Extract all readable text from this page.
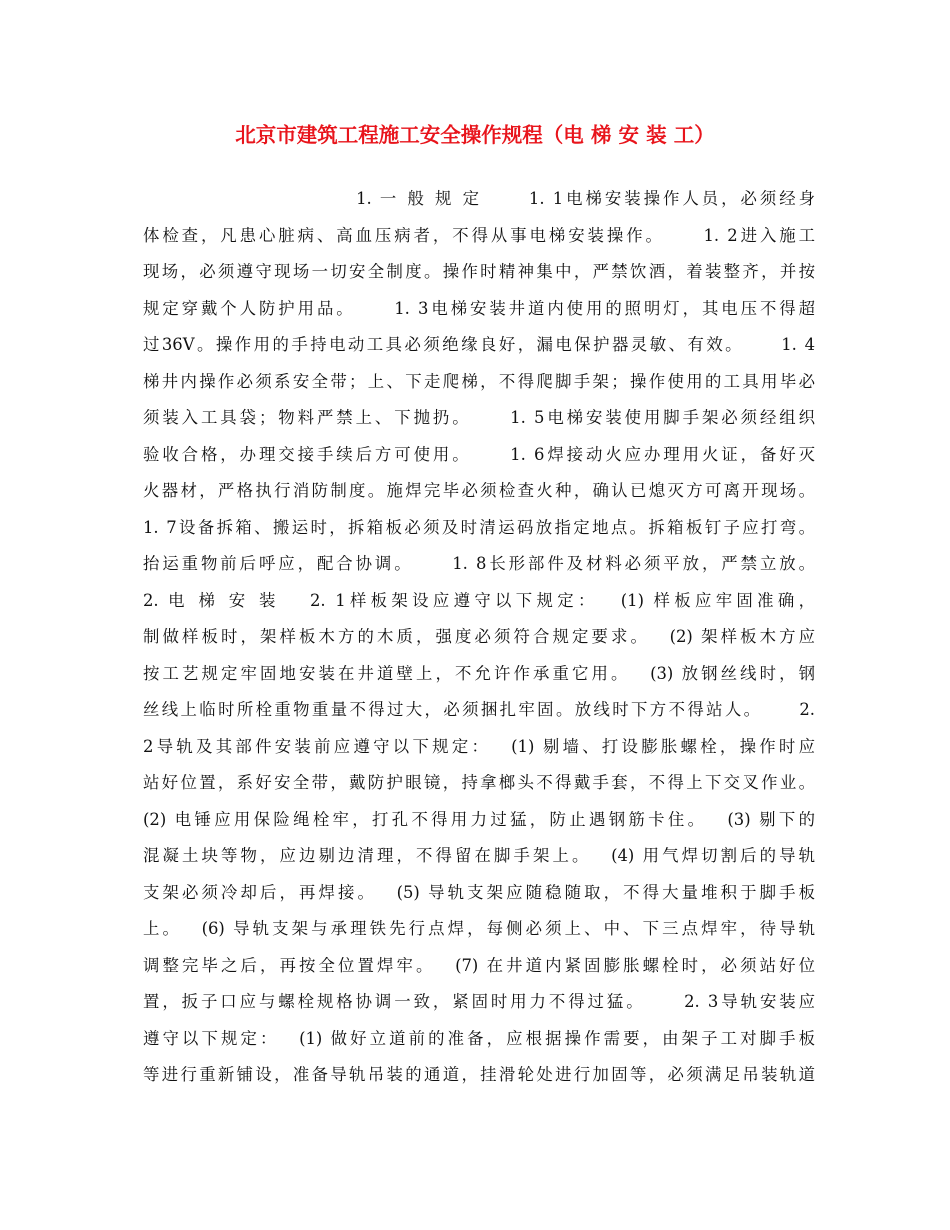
北京市建筑工程施工安全操作规程（电 梯 安 装 工）
　　　　　　　　　　　1. 一 般 规 定　　 1. 1电梯安装操作人员，必须经身
体检查，凡患心脏病、高血压病者，不得从事电梯安装操作。　　 1. 2进入施工
现场，必须遵守现场一切安全制度。操作时精神集中，严禁饮酒，着装整齐，并按
规定穿戴个人防护用品。　　 1. 3电梯安装井道内使用的照明灯，其电压不得超
过36V。操作用的手持电动工具必须绝缘良好，漏电保护器灵敏、有效。　　 1. 4
梯井内操作必须系安全带；上、下走爬梯，不得爬脚手架；操作使用的工具用毕必
须装入工具袋；物料严禁上、下抛扔。　　 1. 5电梯安装使用脚手架必须经组织
验收合格，办理交接手续后方可使用。　　 1. 6焊接动火应办理用火证，备好灭
火器材，严格执行消防制度。施焊完毕必须检查火种，确认已熄灭方可离开现场。
1. 7设备拆箱、搬运时，拆箱板必须及时清运码放指定地点。拆箱板钉子应打弯。
抬运重物前后呼应，配合协调。　　 1. 8长形部件及材料必须平放，严禁立放。
2. 电 梯 安 装　 2. 1样板架设应遵守以下规定：　 (1) 样板应牢固准确，
制做样板时，架样板木方的木质，强度必须符合规定要求。　 (2) 架样板木方应
按工艺规定牢固地安装在井道壁上，不允许作承重它用。　 (3) 放钢丝线时，钢
丝线上临时所栓重物重量不得过大，必须捆扎牢固。放线时下方不得站人。　　 2.
2导轨及其部件安装前应遵守以下规定：　 (1) 剔墙、打设膨胀螺栓，操作时应
站好位置，系好安全带，戴防护眼镜，持拿榔头不得戴手套，不得上下交叉作业。
(2) 电锤应用保险绳栓牢，打孔不得用力过猛，防止遇钢筋卡住。　 (3) 剔下的
混凝土块等物，应边剔边清理，不得留在脚手架上。　 (4) 用气焊切割后的导轨
支架必须冷却后，再焊接。　 (5) 导轨支架应随稳随取，不得大量堆积于脚手板
上。　 (6) 导轨支架与承理铁先行点焊，每侧必须上、中、下三点焊牢，待导轨
调整完毕之后，再按全位置焊牢。　 (7) 在井道内紧固膨胀螺栓时，必须站好位
置，扳子口应与螺栓规格协调一致，紧固时用力不得过猛。　　 2. 3导轨安装应
遵守以下规定：　 (1) 做好立道前的准备，应根据操作需要，由架子工对脚手板
等进行重新铺设，准备导轨吊装的通道，挂滑轮处进行加固等，必须满足吊装轨道
